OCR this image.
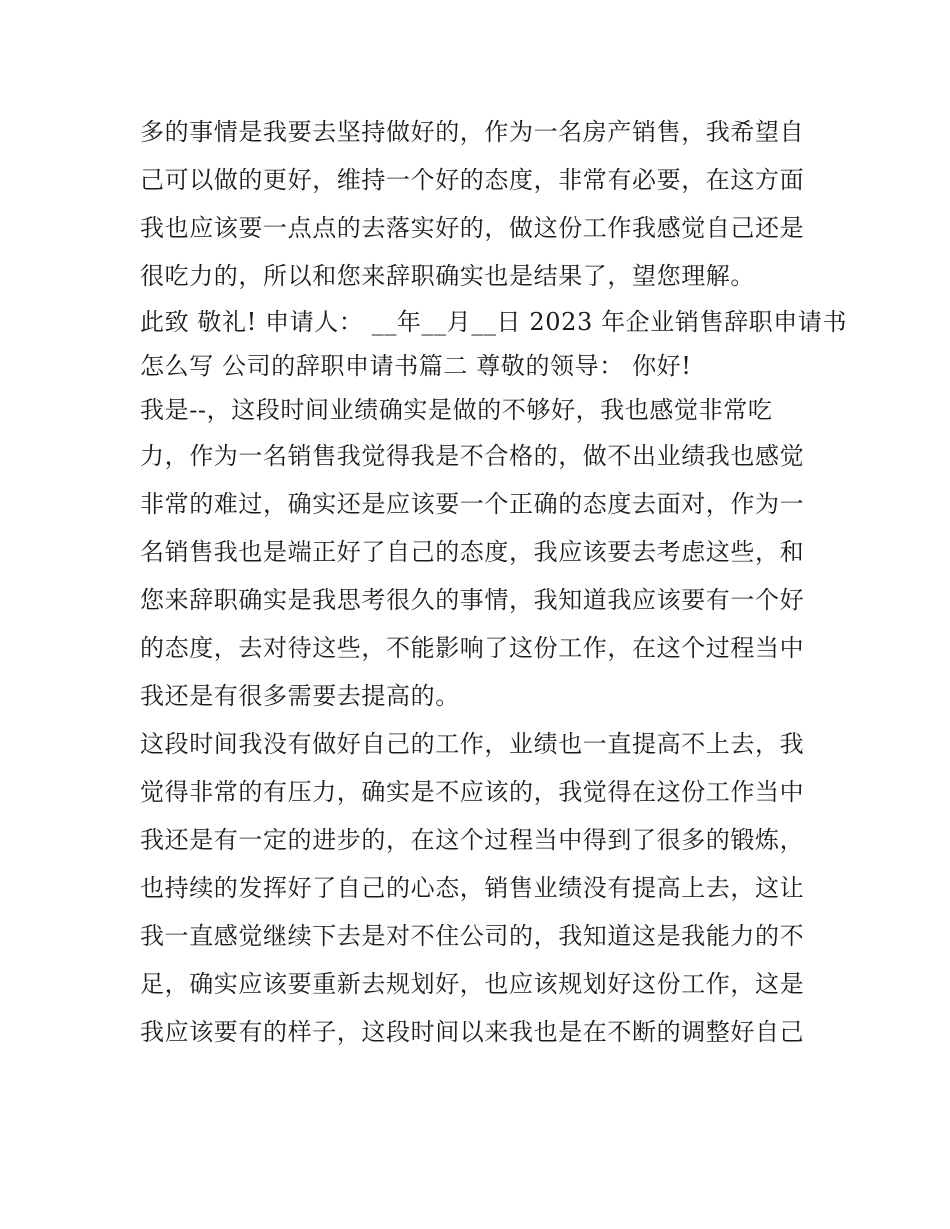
多的事情是我要去坚持做好的，作为一名房产销售，我希望自
己可以做的更好，维持一个好的态度，非常有必要，在这方面
我也应该要一点点的去落实好的，做这份工作我感觉自己还是
很吃力的，所以和您来辞职确实也是结果了，望您理解。
此致 敬礼! 申请人： __年__月__日 2023 年企业销售辞职申请书
怎么写 公司的辞职申请书篇二 尊敬的领导： 你好!
我是--，这段时间业绩确实是做的不够好，我也感觉非常吃
力，作为一名销售我觉得我是不合格的，做不出业绩我也感觉
非常的难过，确实还是应该要一个正确的态度去面对，作为一
名销售我也是端正好了自己的态度，我应该要去考虑这些，和
您来辞职确实是我思考很久的事情，我知道我应该要有一个好
的态度，去对待这些，不能影响了这份工作，在这个过程当中
我还是有很多需要去提高的。
这段时间我没有做好自己的工作，业绩也一直提高不上去，我
觉得非常的有压力，确实是不应该的，我觉得在这份工作当中
我还是有一定的进步的，在这个过程当中得到了很多的锻炼，
也持续的发挥好了自己的心态，销售业绩没有提高上去，这让
我一直感觉继续下去是对不住公司的，我知道这是我能力的不
足，确实应该要重新去规划好，也应该规划好这份工作，这是
我应该要有的样子，这段时间以来我也是在不断的调整好自己
